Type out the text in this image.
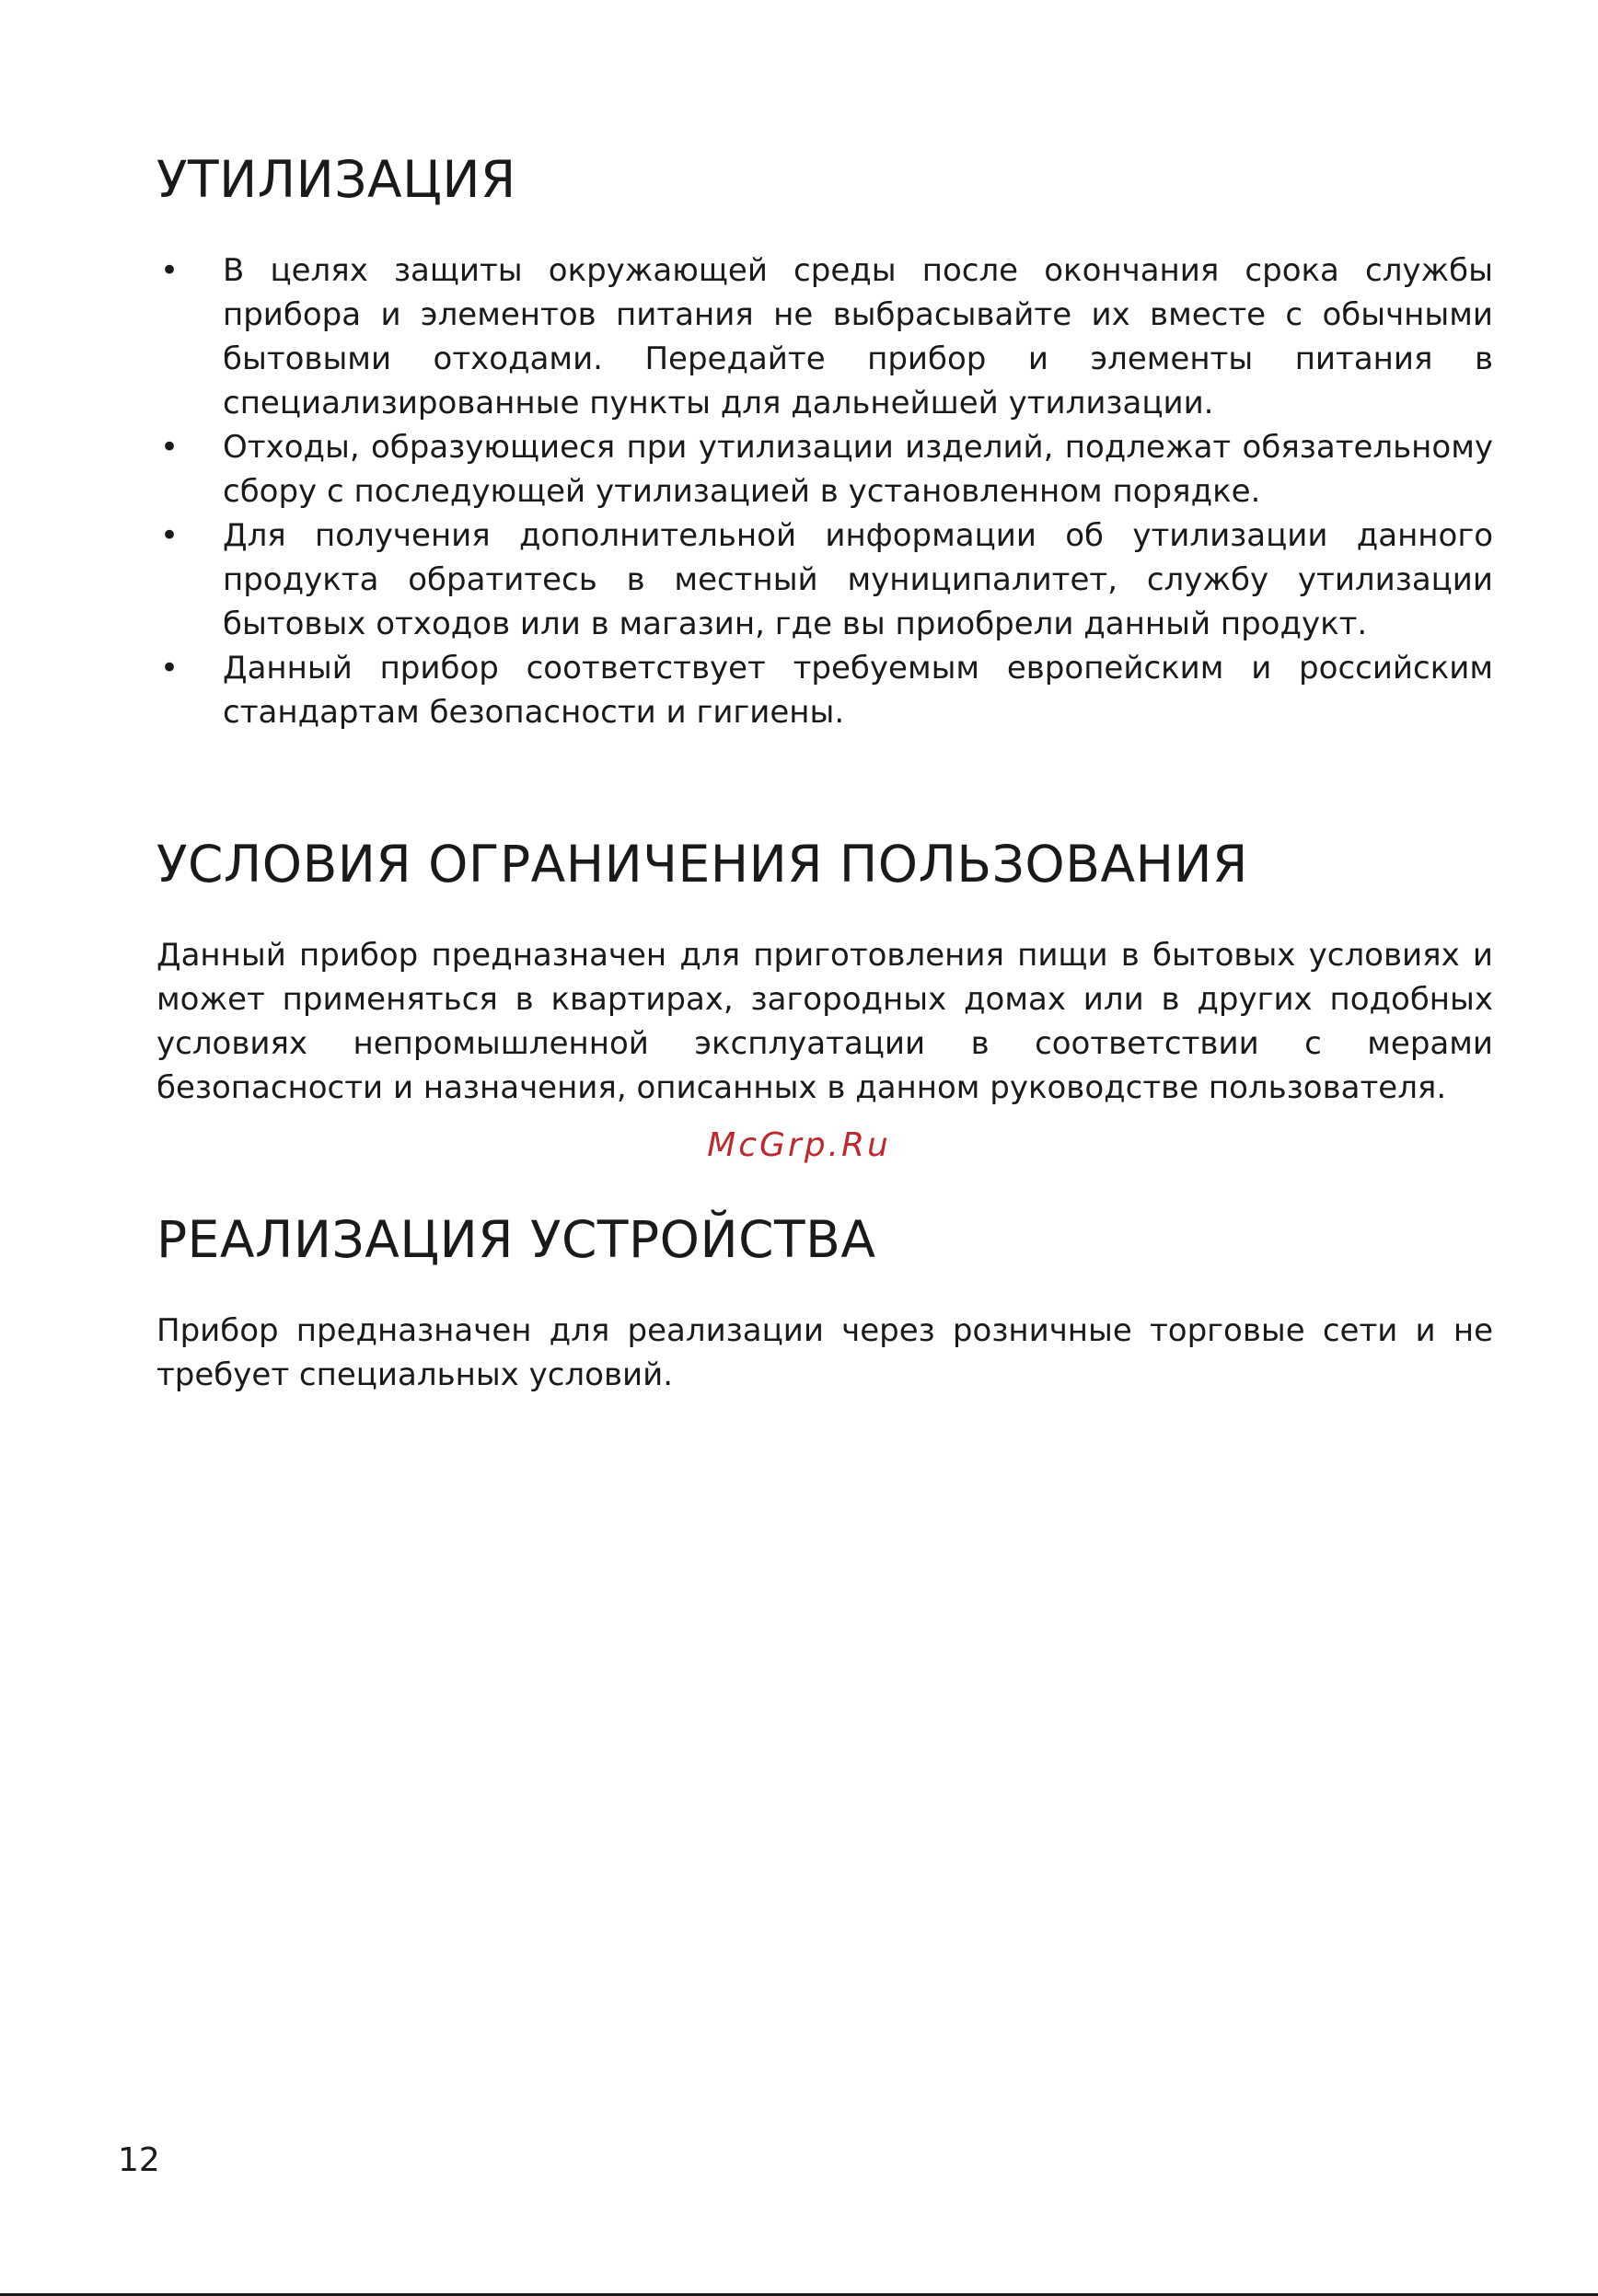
УТИЛИЗАЦИЯ
• В целях защиты окружающей среды после окончания срока службы прибора и элементов питания не выбрасывайте их вместе с обычными бытовыми отходами. Передайте прибор и элементы питания в специализированные пункты для дальнейшей утилизации.
• Отходы, образующиеся при утилизации изделий, подлежат обязательному сбору с последующей утилизацией в установленном порядке.
• Для получения дополнительной информации об утилизации данного продукта обратитесь в местный муниципалитет, службу утилизации бытовых отходов или в магазин, где вы приобрели данный продукт.
• Данный прибор соответствует требуемым европейским и российским стандартам безопасности и гигиены.
УСЛОВИЯ ОГРАНИЧЕНИЯ ПОЛЬЗОВАНИЯ

Данный прибор предназначен для приготовления пищи в бытовых условиях и может применяться в квартирах, загородных домах или в других подобных условиях непромышленной эксплуатации в соответствии с мерами безопасности и назначения, описанных в данном руководстве пользователя.

McGrp.Ru
РЕАЛИЗАЦИЯ УСТРОЙСТВА

Прибор предназначен для реализации через розничные торговые сети и не требует специальных условий.

12
